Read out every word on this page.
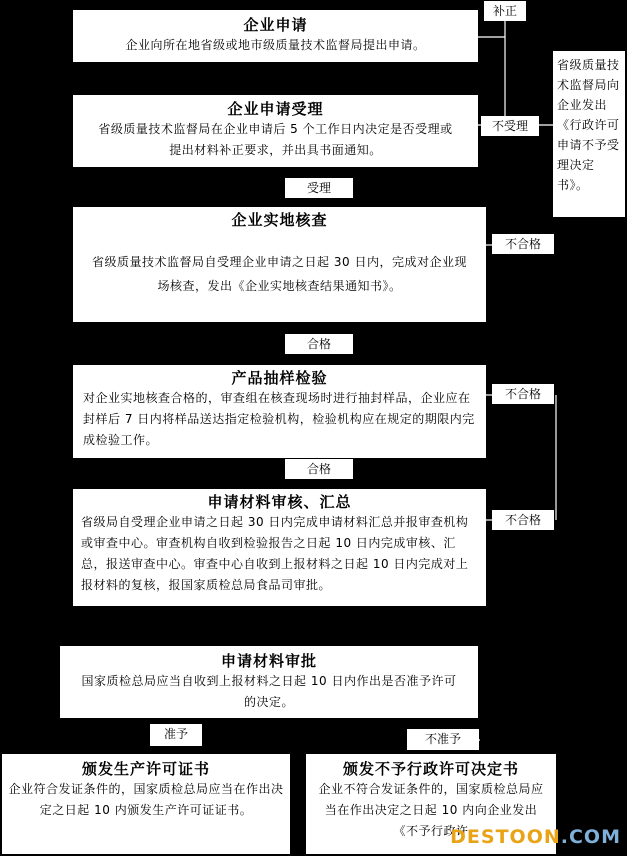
企业申请
企业向所在地省级或地市级质量技术监督局提出申请。
补正
企业申请受理
省级质量技术监督局在企业申请后 5 个工作日内决定是否受理或提出材料补正要求，并出具书面通知。
不受理
省级质量技术监督局向企业发出《行政许可申请不予受理决定书》。
受理
企业实地核查
省级质量技术监督局自受理企业申请之日起 30 日内，完成对企业现场核查，发出《企业实地核查结果通知书》。
不合格
合格
产品抽样检验
对企业实地核查合格的，审查组在核查现场时进行抽封样品，企业应在封样后 7 日内将样品送达指定检验机构，检验机构应在规定的期限内完成检验工作。
不合格
合格
申请材料审核、汇总
省级局自受理企业申请之日起 30 日内完成申请材料汇总并报审查机构或审查中心。审查机构自收到检验报告之日起 10 日内完成审核、汇总，报送审查中心。审查中心自收到上报材料之日起 10 日内完成对上报材料的复核，报国家质检总局食品司审批。
不合格
申请材料审批
国家质检总局应当自收到上报材料之日起 10 日内作出是否准予许可的决定。
准予	不准予
颁发生产许可证书
企业符合发证条件的，国家质检总局应当在作出决定之日起 10 内颁发生产许可证证书。
颁发不予行政许可决定书
企业不符合发证条件的，国家质检总局应当在作出决定之日起 10 内向企业发出《不予行政许
DESTOON.COM
